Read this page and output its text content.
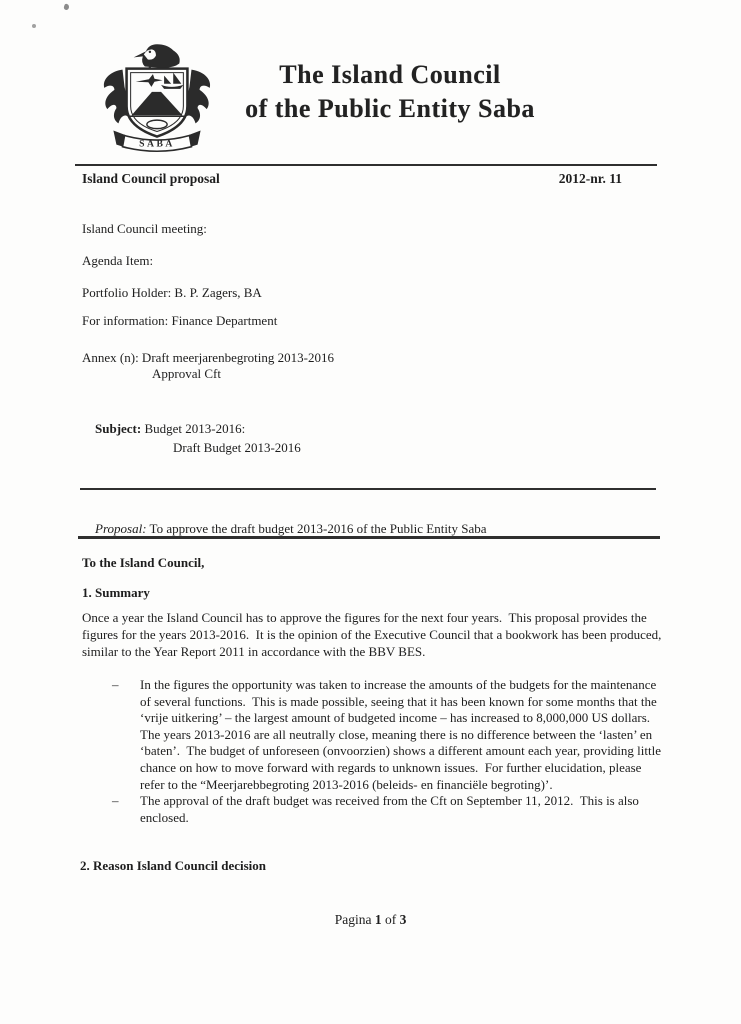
SABA
The Island Council
of the Public Entity Saba
Island Council proposal	2012-nr. 11
Island Council meeting:
Agenda Item:
Portfolio Holder: B. P. Zagers, BA
For information: Finance Department
Annex (n): Draft meerjarenbegroting 2013-2016
Approval Cft

Subject: Budget 2013-2016:

Draft Budget 2013-2016

Proposal: To approve the draft budget 2013-2016 of the Public Entity Saba

To the Island Council,
1. Summary
Once a year the Island Council has to approve the figures for the next four years.  This proposal provides the figures for the years 2013-2016.  It is the opinion of the Executive Council that a bookwork has been produced, similar to the Year Report 2011 in accordance with the BBV BES.
–	In the figures the opportunity was taken to increase the amounts of the budgets for the maintenance of several functions.  This is made possible, seeing that it has been known for some months that the ‘vrije uitkering’ – the largest amount of budgeted income – has increased to 8,000,000 US dollars.  The years 2013-2016 are all neutrally close, meaning there is no difference between the ‘lasten’ en ‘baten’.  The budget of unforeseen (onvoorzien) shows a different amount each year, providing little chance on how to move forward with regards to unknown issues.  For further elucidation, please refer to the “Meerjarebbegroting 2013-2016 (beleids- en financiële begroting)’.
–	The approval of the draft budget was received from the Cft on September 11, 2012.  This is also enclosed.
2. Reason Island Council decision
Pagina 1 of 3
